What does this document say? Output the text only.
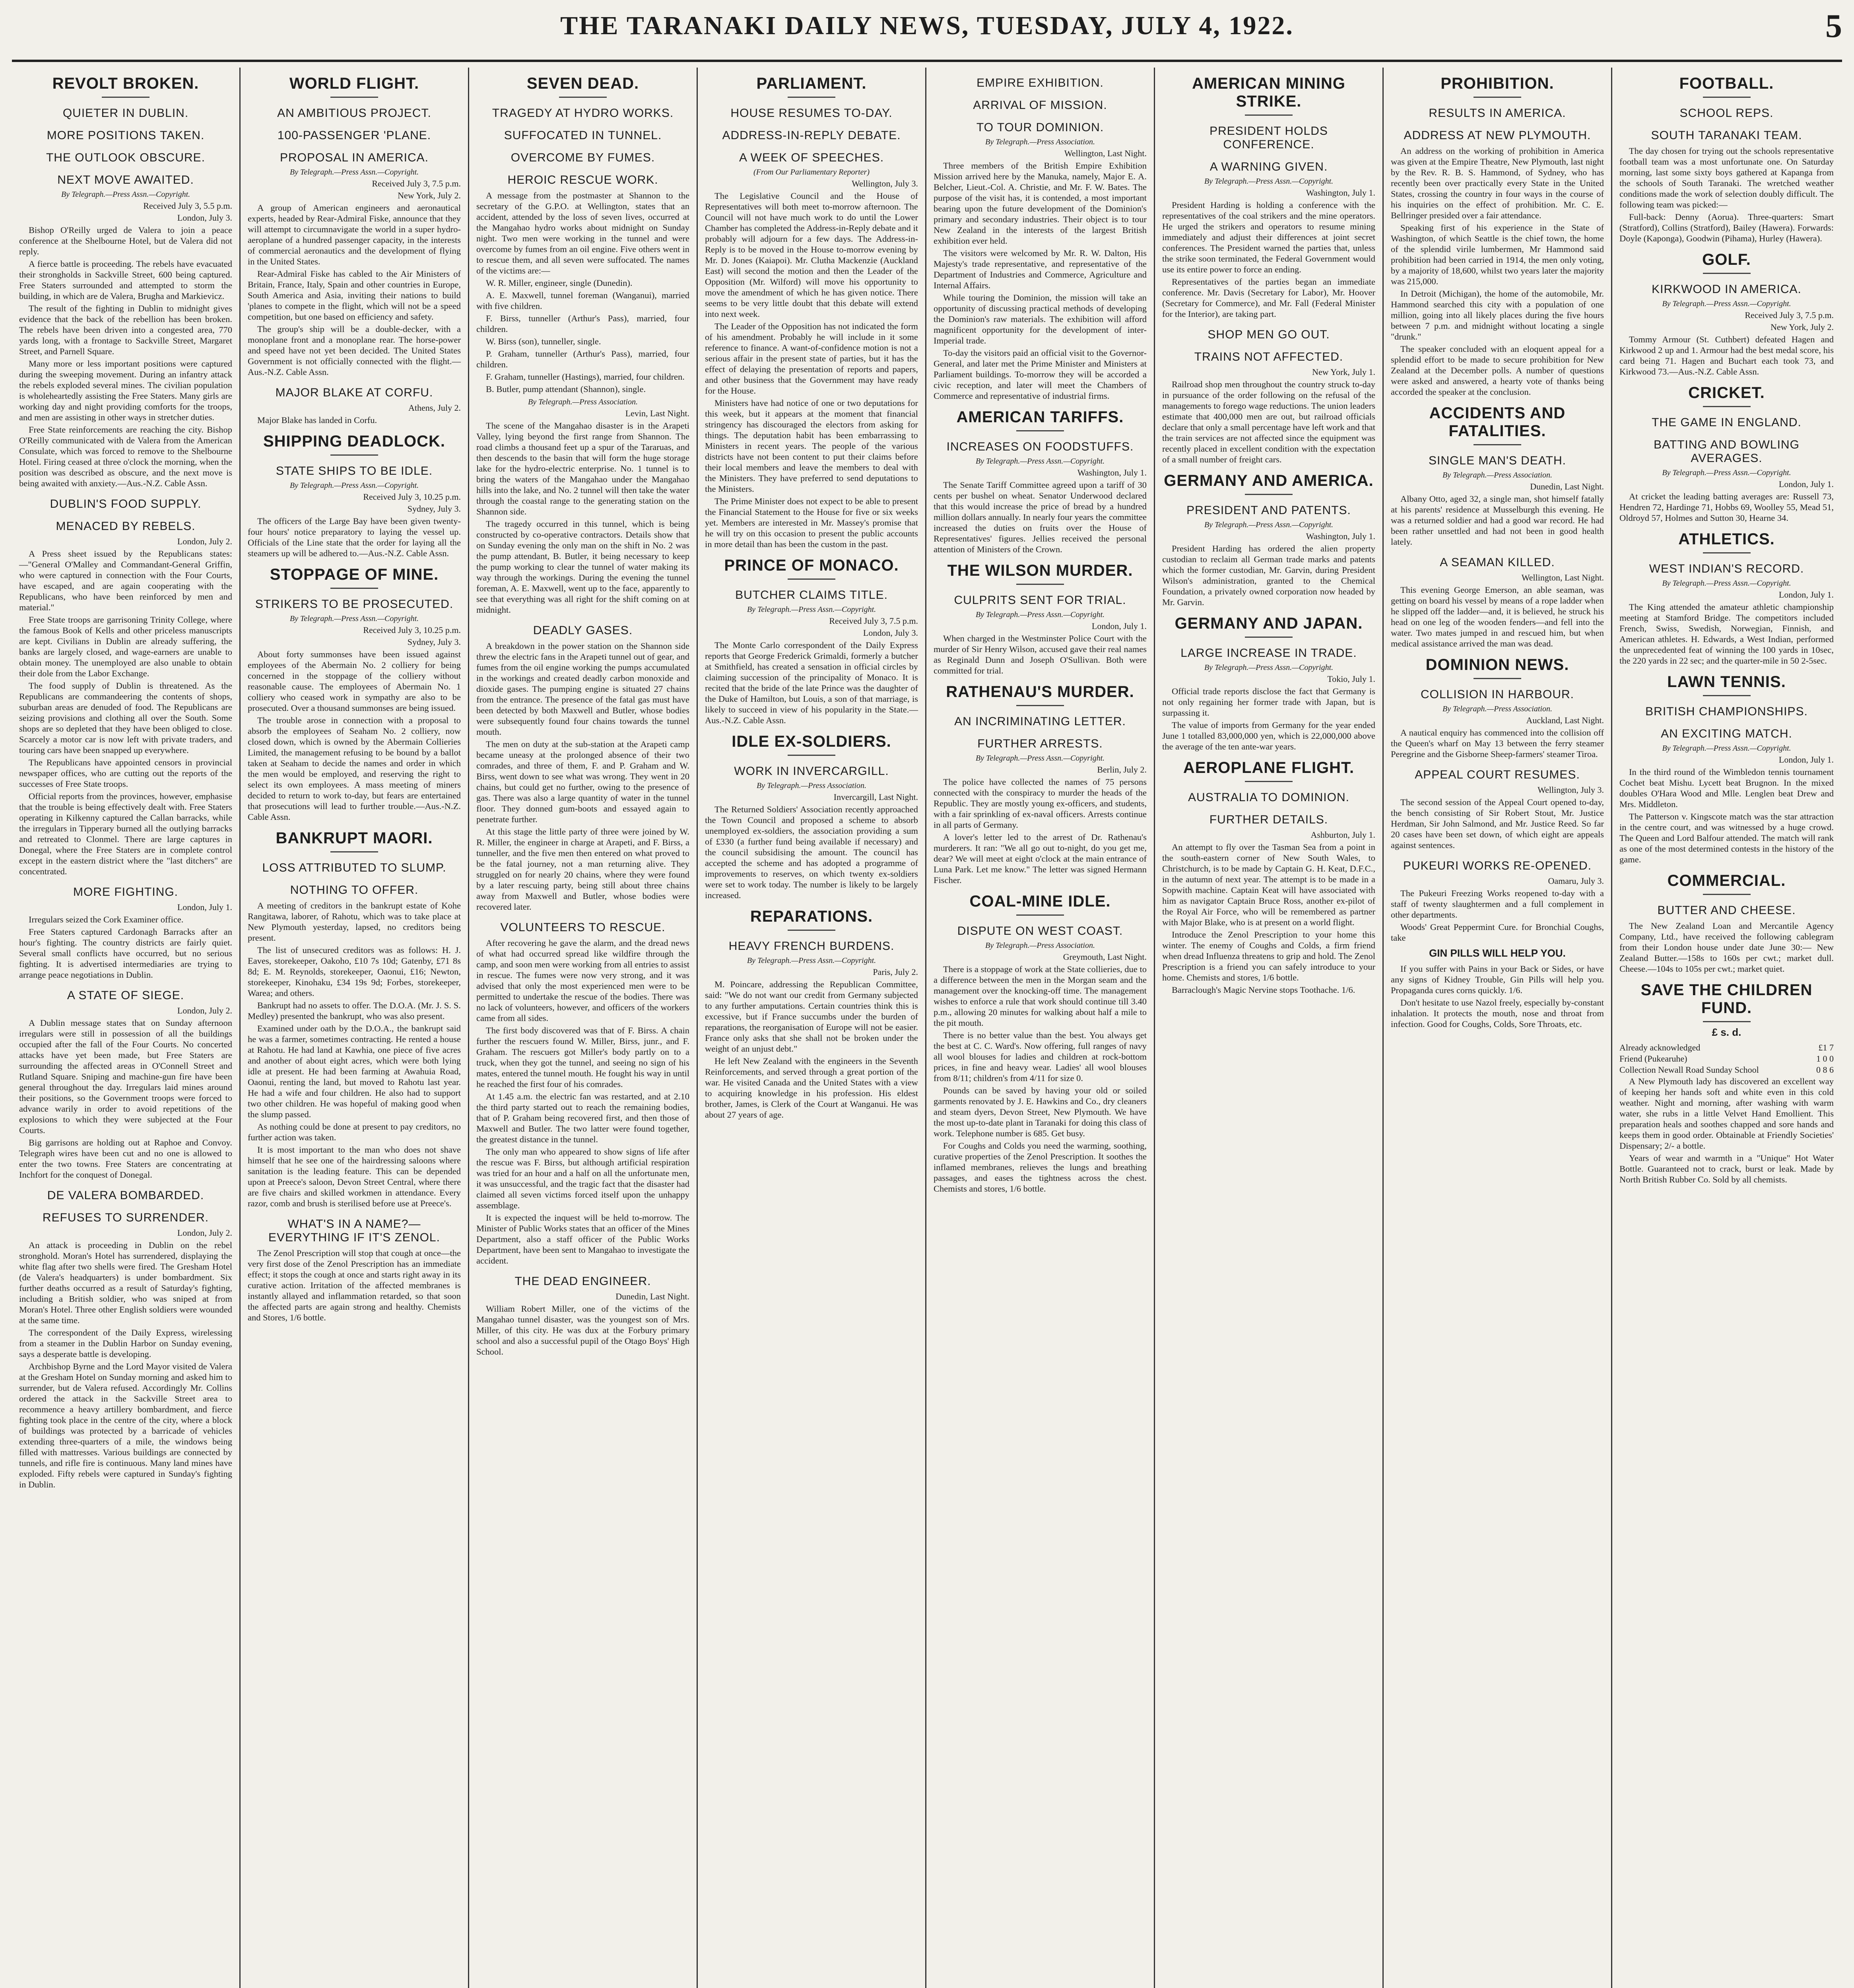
THE TARANAKI DAILY NEWS, TUESDAY, JULY 4, 1922.	5
REVOLT BROKEN.
QUIETER IN DUBLIN.
MORE POSITIONS TAKEN.
THE OUTLOOK OBSCURE.
NEXT MOVE AWAITED.
By Telegraph.—Press Assn.—Copyright.
Received July 3, 5.5 p.m.
London, July 3.
Bishop O'Reilly urged de Valera to join a peace conference at the Shelbourne Hotel, but de Valera did not reply.
A fierce battle is proceeding. The rebels have evacuated their strongholds in Sackville Street, 600 being captured. Free Staters surrounded and attempted to storm the building, in which are de Valera, Brugha and Markievicz.
The result of the fighting in Dublin to midnight gives evidence that the back of the rebellion has been broken. The rebels have been driven into a congested area, 770 yards long, with a frontage to Sackville Street, Margaret Street, and Parnell Square.
Many more or less important positions were captured during the sweeping movement. During an infantry attack the rebels exploded several mines. The civilian population is wholeheartedly assisting the Free Staters. Many girls are working day and night providing comforts for the troops, and men are assisting in other ways in stretcher duties.
Free State reinforcements are reaching the city. Bishop O'Reilly communicated with de Valera from the American Consulate, which was forced to remove to the Shelbourne Hotel. Firing ceased at three o'clock the morning, when the position was described as obscure, and the next move is being awaited with anxiety.—Aus.-N.Z. Cable Assn.
DUBLIN'S FOOD SUPPLY.
MENACED BY REBELS.
London, July 2.
A Press sheet issued by the Republicans states:—"General O'Malley and Commandant-General Griffin, who were captured in connection with the Four Courts, have escaped, and are again cooperating with the Republicans, who have been reinforced by men and material."
Free State troops are garrisoning Trinity College, where the famous Book of Kells and other priceless manuscripts are kept. Civilians in Dublin are already suffering, the banks are largely closed, and wage-earners are unable to obtain money. The unemployed are also unable to obtain their dole from the Labor Exchange.
The food supply of Dublin is threatened. As the Republicans are commandeering the contents of shops, suburban areas are denuded of food. The Republicans are seizing provisions and clothing all over the South. Some shops are so depleted that they have been obliged to close. Scarcely a motor car is now left with private traders, and touring cars have been snapped up everywhere.
The Republicans have appointed censors in provincial newspaper offices, who are cutting out the reports of the successes of Free State troops.
Official reports from the provinces, however, emphasise that the trouble is being effectively dealt with. Free Staters operating in Kilkenny captured the Callan barracks, while the irregulars in Tipperary burned all the outlying barracks and retreated to Clonmel. There are large captures in Donegal, where the Free Staters are in complete control except in the eastern district where the "last ditchers" are concentrated.
MORE FIGHTING.
London, July 1.
Irregulars seized the Cork Examiner office.
Free Staters captured Cardonagh Barracks after an hour's fighting. The country districts are fairly quiet. Several small conflicts have occurred, but no serious fighting. It is advertised intermediaries are trying to arrange peace negotiations in Dublin.
A STATE OF SIEGE.
London, July 2.
A Dublin message states that on Sunday afternoon irregulars were still in possession of all the buildings occupied after the fall of the Four Courts. No concerted attacks have yet been made, but Free Staters are surrounding the affected areas in O'Connell Street and Rutland Square. Sniping and machine-gun fire have been general throughout the day. Irregulars laid mines around their positions, so the Government troops were forced to advance warily in order to avoid repetitions of the explosions to which they were subjected at the Four Courts.
Big garrisons are holding out at Raphoe and Convoy. Telegraph wires have been cut and no one is allowed to enter the two towns. Free Staters are concentrating at Inchfort for the conquest of Donegal.
DE VALERA BOMBARDED.
REFUSES TO SURRENDER.
London, July 2.
An attack is proceeding in Dublin on the rebel stronghold. Moran's Hotel has surrendered, displaying the white flag after two shells were fired. The Gresham Hotel (de Valera's headquarters) is under bombardment. Six further deaths occurred as a result of Saturday's fighting, including a British soldier, who was sniped at from Moran's Hotel. Three other English soldiers were wounded at the same time.
The correspondent of the Daily Express, wirelessing from a steamer in the Dublin Harbor on Sunday evening, says a desperate battle is developing.
Archbishop Byrne and the Lord Mayor visited de Valera at the Gresham Hotel on Sunday morning and asked him to surrender, but de Valera refused. Accordingly Mr. Collins ordered the attack in the Sackville Street area to recommence a heavy artillery bombardment, and fierce fighting took place in the centre of the city, where a block of buildings was protected by a barricade of vehicles extending three-quarters of a mile, the windows being filled with mattresses. Various buildings are connected by tunnels, and rifle fire is continuous. Many land mines have exploded. Fifty rebels were captured in Sunday's fighting in Dublin.
WORLD FLIGHT.
AN AMBITIOUS PROJECT.
100-PASSENGER 'PLANE.
PROPOSAL IN AMERICA.
By Telegraph.—Press Assn.—Copyright.
Received July 3, 7.5 p.m.
New York, July 2.
A group of American engineers and aeronautical experts, headed by Rear-Admiral Fiske, announce that they will attempt to circumnavigate the world in a super hydro-aeroplane of a hundred passenger capacity, in the interests of commercial aeronautics and the development of flying in the United States.
Rear-Admiral Fiske has cabled to the Air Ministers of Britain, France, Italy, Spain and other countries in Europe, South America and Asia, inviting their nations to build 'planes to compete in the flight, which will not be a speed competition, but one based on efficiency and safety.
The group's ship will be a double-decker, with a monoplane front and a monoplane rear. The horse-power and speed have not yet been decided. The United States Government is not officially connected with the flight.—Aus.-N.Z. Cable Assn.
MAJOR BLAKE AT CORFU.
Athens, July 2.
Major Blake has landed in Corfu.
SHIPPING DEADLOCK.
STATE SHIPS TO BE IDLE.
By Telegraph.—Press Assn.—Copyright.
Received July 3, 10.25 p.m.
Sydney, July 3.
The officers of the Large Bay have been given twenty-four hours' notice preparatory to laying the vessel up. Officials of the Line state that the order for laying all the steamers up will be adhered to.—Aus.-N.Z. Cable Assn.
STOPPAGE OF MINE.
STRIKERS TO BE PROSECUTED.
By Telegraph.—Press Assn.—Copyright.
Received July 3, 10.25 p.m.
Sydney, July 3.
About forty summonses have been issued against employees of the Abermain No. 2 colliery for being concerned in the stoppage of the colliery without reasonable cause. The employees of Abermain No. 1 colliery who ceased work in sympathy are also to be prosecuted. Over a thousand summonses are being issued.
The trouble arose in connection with a proposal to absorb the employees of Seaham No. 2 colliery, now closed down, which is owned by the Abermain Collieries Limited, the management refusing to be bound by a ballot taken at Seaham to decide the names and order in which the men would be employed, and reserving the right to select its own employees. A mass meeting of miners decided to return to work to-day, but fears are entertained that prosecutions will lead to further trouble.—Aus.-N.Z. Cable Assn.
BANKRUPT MAORI.
LOSS ATTRIBUTED TO SLUMP.
NOTHING TO OFFER.
A meeting of creditors in the bankrupt estate of Kohe Rangitawa, laborer, of Rahotu, which was to take place at New Plymouth yesterday, lapsed, no creditors being present.
The list of unsecured creditors was as follows: H. J. Eaves, storekeeper, Oakoho, £10 7s 10d; Gatenby, £71 8s 8d; E. M. Reynolds, storekeeper, Oaonui, £16; Newton, storekeeper, Kinohaku, £34 19s 9d; Forbes, storekeeper, Warea; and others.
Bankrupt had no assets to offer. The D.O.A. (Mr. J. S. S. Medley) presented the bankrupt, who was also present.
Examined under oath by the D.O.A., the bankrupt said he was a farmer, sometimes contracting. He rented a house at Rahotu. He had land at Kawhia, one piece of five acres and another of about eight acres, which were both lying idle at present. He had been farming at Awahuia Road, Oaonui, renting the land, but moved to Rahotu last year. He had a wife and four children. He also had to support two other children. He was hopeful of making good when the slump passed.
As nothing could be done at present to pay creditors, no further action was taken.
It is most important to the man who does not shave himself that he see one of the hairdressing saloons where sanitation is the leading feature. This can be depended upon at Preece's saloon, Devon Street Central, where there are five chairs and skilled workmen in attendance. Every razor, comb and brush is sterilised before use at Preece's.
WHAT'S IN A NAME?—EVERYTHING IF IT'S ZENOL.
The Zenol Prescription will stop that cough at once—the very first dose of the Zenol Prescription has an immediate effect; it stops the cough at once and starts right away in its curative action. Irritation of the affected membranes is instantly allayed and inflammation retarded, so that soon the affected parts are again strong and healthy. Chemists and Stores, 1/6 bottle.
SEVEN DEAD.
TRAGEDY AT HYDRO WORKS.
SUFFOCATED IN TUNNEL.
OVERCOME BY FUMES.
HEROIC RESCUE WORK.
A message from the postmaster at Shannon to the secretary of the G.P.O. at Wellington, states that an accident, attended by the loss of seven lives, occurred at the Mangahao hydro works about midnight on Sunday night. Two men were working in the tunnel and were overcome by fumes from an oil engine. Five others went in to rescue them, and all seven were suffocated. The names of the victims are:—
W. R. Miller, engineer, single (Dunedin).
A. E. Maxwell, tunnel foreman (Wanganui), married with five children.
F. Birss, tunneller (Arthur's Pass), married, four children.
W. Birss (son), tunneller, single.
P. Graham, tunneller (Arthur's Pass), married, four children.
F. Graham, tunneller (Hastings), married, four children.
B. Butler, pump attendant (Shannon), single.
By Telegraph.—Press Association.
Levin, Last Night.
The scene of the Mangahao disaster is in the Arapeti Valley, lying beyond the first range from Shannon. The road climbs a thousand feet up a spur of the Tararuas, and then descends to the basin that will form the huge storage lake for the hydro-electric enterprise. No. 1 tunnel is to bring the waters of the Mangahao under the Mangahao hills into the lake, and No. 2 tunnel will then take the water through the coastal range to the generating station on the Shannon side.
The tragedy occurred in this tunnel, which is being constructed by co-operative contractors. Details show that on Sunday evening the only man on the shift in No. 2 was the pump attendant, B. Butler, it being necessary to keep the pump working to clear the tunnel of water making its way through the workings. During the evening the tunnel foreman, A. E. Maxwell, went up to the face, apparently to see that everything was all right for the shift coming on at midnight.
DEADLY GASES.
A breakdown in the power station on the Shannon side threw the electric fans in the Arapeti tunnel out of gear, and fumes from the oil engine working the pumps accumulated in the workings and created deadly carbon monoxide and dioxide gases. The pumping engine is situated 27 chains from the entrance. The presence of the fatal gas must have been detected by both Maxwell and Butler, whose bodies were subsequently found four chains towards the tunnel mouth.
The men on duty at the sub-station at the Arapeti camp became uneasy at the prolonged absence of their two comrades, and three of them, F. and P. Graham and W. Birss, went down to see what was wrong. They went in 20 chains, but could get no further, owing to the presence of gas. There was also a large quantity of water in the tunnel floor. They donned gum-boots and essayed again to penetrate further.
At this stage the little party of three were joined by W. R. Miller, the engineer in charge at Arapeti, and F. Birss, a tunneller, and the five men then entered on what proved to be the fatal journey, not a man returning alive. They struggled on for nearly 20 chains, where they were found by a later rescuing party, being still about three chains away from Maxwell and Butler, whose bodies were recovered later.
VOLUNTEERS TO RESCUE.
After recovering he gave the alarm, and the dread news of what had occurred spread like wildfire through the camp, and soon men were working from all entries to assist in rescue. The fumes were now very strong, and it was advised that only the most experienced men were to be permitted to undertake the rescue of the bodies. There was no lack of volunteers, however, and officers of the workers came from all sides.
The first body discovered was that of F. Birss. A chain further the rescuers found W. Miller, Birss, junr., and F. Graham. The rescuers got Miller's body partly on to a truck, when they got the tunnel, and seeing no sign of his mates, entered the tunnel mouth. He fought his way in until he reached the first four of his comrades.
At 1.45 a.m. the electric fan was restarted, and at 2.10 the third party started out to reach the remaining bodies, that of P. Graham being recovered first, and then those of Maxwell and Butler. The two latter were found together, the greatest distance in the tunnel.
The only man who appeared to show signs of life after the rescue was F. Birss, but although artificial respiration was tried for an hour and a half on all the unfortunate men, it was unsuccessful, and the tragic fact that the disaster had claimed all seven victims forced itself upon the unhappy assemblage.
It is expected the inquest will be held to-morrow. The Minister of Public Works states that an officer of the Mines Department, also a staff officer of the Public Works Department, have been sent to Mangahao to investigate the accident.
THE DEAD ENGINEER.
Dunedin, Last Night.
William Robert Miller, one of the victims of the Mangahao tunnel disaster, was the youngest son of Mrs. Miller, of this city. He was dux at the Forbury primary school and also a successful pupil of the Otago Boys' High School.
PARLIAMENT.
HOUSE RESUMES TO-DAY.
ADDRESS-IN-REPLY DEBATE.
A WEEK OF SPEECHES.
(From Our Parliamentary Reporter)
Wellington, July 3.
The Legislative Council and the House of Representatives will both meet to-morrow afternoon. The Council will not have much work to do until the Lower Chamber has completed the Address-in-Reply debate and it probably will adjourn for a few days. The Address-in-Reply is to be moved in the House to-morrow evening by Mr. D. Jones (Kaiapoi). Mr. Clutha Mackenzie (Auckland East) will second the motion and then the Leader of the Opposition (Mr. Wilford) will move his opportunity to move the amendment of which he has given notice. There seems to be very little doubt that this debate will extend into next week.
The Leader of the Opposition has not indicated the form of his amendment. Probably he will include in it some reference to finance. A want-of-confidence motion is not a serious affair in the present state of parties, but it has the effect of delaying the presentation of reports and papers, and other business that the Government may have ready for the House.
Ministers have had notice of one or two deputations for this week, but it appears at the moment that financial stringency has discouraged the electors from asking for things. The deputation habit has been embarrassing to Ministers in recent years. The people of the various districts have not been content to put their claims before their local members and leave the members to deal with the Ministers. They have preferred to send deputations to the Ministers.
The Prime Minister does not expect to be able to present the Financial Statement to the House for five or six weeks yet. Members are interested in Mr. Massey's promise that he will try on this occasion to present the public accounts in more detail than has been the custom in the past.
PRINCE OF MONACO.
BUTCHER CLAIMS TITLE.
By Telegraph.—Press Assn.—Copyright.
Received July 3, 7.5 p.m.
London, July 3.
The Monte Carlo correspondent of the Daily Express reports that George Frederick Grimaldi, formerly a butcher at Smithfield, has created a sensation in official circles by claiming succession of the principality of Monaco. It is recited that the bride of the late Prince was the daughter of the Duke of Hamilton, but Louis, a son of that marriage, is likely to succeed in view of his popularity in the State.—Aus.-N.Z. Cable Assn.
IDLE EX-SOLDIERS.
WORK IN INVERCARGILL.
By Telegraph.—Press Association.
Invercargill, Last Night.
The Returned Soldiers' Association recently approached the Town Council and proposed a scheme to absorb unemployed ex-soldiers, the association providing a sum of £330 (a further fund being available if necessary) and the council subsidising the amount. The council has accepted the scheme and has adopted a programme of improvements to reserves, on which twenty ex-soldiers were set to work today. The number is likely to be largely increased.
REPARATIONS.
HEAVY FRENCH BURDENS.
By Telegraph.—Press Assn.—Copyright.
Paris, July 2.
M. Poincare, addressing the Republican Committee, said: "We do not want our credit from Germany subjected to any further amputations. Certain countries think this is excessive, but if France succumbs under the burden of reparations, the reorganisation of Europe will not be easier. France only asks that she shall not be broken under the weight of an unjust debt."
He left New Zealand with the engineers in the Seventh Reinforcements, and served through a great portion of the war. He visited Canada and the United States with a view to acquiring knowledge in his profession. His eldest brother, James, is Clerk of the Court at Wanganui. He was about 27 years of age.
EMPIRE EXHIBITION.
ARRIVAL OF MISSION.
TO TOUR DOMINION.
By Telegraph.—Press Association.
Wellington, Last Night.
Three members of the British Empire Exhibition Mission arrived here by the Manuka, namely, Major E. A. Belcher, Lieut.-Col. A. Christie, and Mr. F. W. Bates. The purpose of the visit has, it is contended, a most important bearing upon the future development of the Dominion's primary and secondary industries. Their object is to tour New Zealand in the interests of the largest British exhibition ever held.
The visitors were welcomed by Mr. R. W. Dalton, His Majesty's trade representative, and representative of the Department of Industries and Commerce, Agriculture and Internal Affairs.
While touring the Dominion, the mission will take an opportunity of discussing practical methods of developing the Dominion's raw materials. The exhibition will afford magnificent opportunity for the development of inter-Imperial trade.
To-day the visitors paid an official visit to the Governor-General, and later met the Prime Minister and Ministers at Parliament buildings. To-morrow they will be accorded a civic reception, and later will meet the Chambers of Commerce and representative of industrial firms.
AMERICAN TARIFFS.
INCREASES ON FOODSTUFFS.
By Telegraph.—Press Assn.—Copyright.
Washington, July 1.
The Senate Tariff Committee agreed upon a tariff of 30 cents per bushel on wheat. Senator Underwood declared that this would increase the price of bread by a hundred million dollars annually. In nearly four years the committee increased the duties on fruits over the House of Representatives' figures. Jellies received the personal attention of Ministers of the Crown.
THE WILSON MURDER.
CULPRITS SENT FOR TRIAL.
By Telegraph.—Press Assn.—Copyright.
London, July 1.
When charged in the Westminster Police Court with the murder of Sir Henry Wilson, accused gave their real names as Reginald Dunn and Joseph O'Sullivan. Both were committed for trial.
RATHENAU'S MURDER.
AN INCRIMINATING LETTER.
FURTHER ARRESTS.
By Telegraph.—Press Assn.—Copyright.
Berlin, July 2.
The police have collected the names of 75 persons connected with the conspiracy to murder the heads of the Republic. They are mostly young ex-officers, and students, with a fair sprinkling of ex-naval officers. Arrests continue in all parts of Germany.
A lover's letter led to the arrest of Dr. Rathenau's murderers. It ran: "We all go out to-night, do you get me, dear? We will meet at eight o'clock at the main entrance of Luna Park. Let me know." The letter was signed Hermann Fischer.
COAL-MINE IDLE.
DISPUTE ON WEST COAST.
By Telegraph.—Press Association.
Greymouth, Last Night.
There is a stoppage of work at the State collieries, due to a difference between the men in the Morgan seam and the management over the knocking-off time. The management wishes to enforce a rule that work should continue till 3.40 p.m., allowing 20 minutes for walking about half a mile to the pit mouth.
There is no better value than the best. You always get the best at C. C. Ward's. Now offering, full ranges of navy all wool blouses for ladies and children at rock-bottom prices, in fine and heavy wear. Ladies' all wool blouses from 8/11; children's from 4/11 for size 0.
Pounds can be saved by having your old or soiled garments renovated by J. E. Hawkins and Co., dry cleaners and steam dyers, Devon Street, New Plymouth. We have the most up-to-date plant in Taranaki for doing this class of work. Telephone number is 685. Get busy.
For Coughs and Colds you need the warming, soothing, curative properties of the Zenol Prescription. It soothes the inflamed membranes, relieves the lungs and breathing passages, and eases the tightness across the chest. Chemists and stores, 1/6 bottle.
AMERICAN MINING STRIKE.
PRESIDENT HOLDS CONFERENCE.
A WARNING GIVEN.
By Telegraph.—Press Assn.—Copyright.
Washington, July 1.
President Harding is holding a conference with the representatives of the coal strikers and the mine operators. He urged the strikers and operators to resume mining immediately and adjust their differences at joint secret conferences. The President warned the parties that, unless the strike soon terminated, the Federal Government would use its entire power to force an ending.
Representatives of the parties began an immediate conference. Mr. Davis (Secretary for Labor), Mr. Hoover (Secretary for Commerce), and Mr. Fall (Federal Minister for the Interior), are taking part.
SHOP MEN GO OUT.
TRAINS NOT AFFECTED.
New York, July 1.
Railroad shop men throughout the country struck to-day in pursuance of the order following on the refusal of the managements to forego wage reductions. The union leaders estimate that 400,000 men are out, but railroad officials declare that only a small percentage have left work and that the train services are not affected since the equipment was recently placed in excellent condition with the expectation of a small number of freight cars.
GERMANY AND AMERICA.
PRESIDENT AND PATENTS.
By Telegraph.—Press Assn.—Copyright.
Washington, July 1.
President Harding has ordered the alien property custodian to reclaim all German trade marks and patents which the former custodian, Mr. Garvin, during President Wilson's administration, granted to the Chemical Foundation, a privately owned corporation now headed by Mr. Garvin.
GERMANY AND JAPAN.
LARGE INCREASE IN TRADE.
By Telegraph.—Press Assn.—Copyright.
Tokio, July 1.
Official trade reports disclose the fact that Germany is not only regaining her former trade with Japan, but is surpassing it.
The value of imports from Germany for the year ended June 1 totalled 83,000,000 yen, which is 22,000,000 above the average of the ten ante-war years.
AEROPLANE FLIGHT.
AUSTRALIA TO DOMINION.
FURTHER DETAILS.
Ashburton, July 1.
An attempt to fly over the Tasman Sea from a point in the south-eastern corner of New South Wales, to Christchurch, is to be made by Captain G. H. Keat, D.F.C., in the autumn of next year. The attempt is to be made in a Sopwith machine. Captain Keat will have associated with him as navigator Captain Bruce Ross, another ex-pilot of the Royal Air Force, who will be remembered as partner with Major Blake, who is at present on a world flight.
Introduce the Zenol Prescription to your home this winter. The enemy of Coughs and Colds, a firm friend when dread Influenza threatens to grip and hold. The Zenol Prescription is a friend you can safely introduce to your home. Chemists and stores, 1/6 bottle.
Barraclough's Magic Nervine stops Toothache. 1/6.
PROHIBITION.
RESULTS IN AMERICA.
ADDRESS AT NEW PLYMOUTH.
An address on the working of prohibition in America was given at the Empire Theatre, New Plymouth, last night by the Rev. R. B. S. Hammond, of Sydney, who has recently been over practically every State in the United States, crossing the country in four ways in the course of his inquiries on the effect of prohibition. Mr. C. E. Bellringer presided over a fair attendance.
Speaking first of his experience in the State of Washington, of which Seattle is the chief town, the home of the splendid virile lumbermen, Mr Hammond said prohibition had been carried in 1914, the men only voting, by a majority of 18,600, whilst two years later the majority was 215,000.
In Detroit (Michigan), the home of the automobile, Mr. Hammond searched this city with a population of one million, going into all likely places during the five hours between 7 p.m. and midnight without locating a single "drunk."
The speaker concluded with an eloquent appeal for a splendid effort to be made to secure prohibition for New Zealand at the December polls. A number of questions were asked and answered, a hearty vote of thanks being accorded the speaker at the conclusion.
ACCIDENTS AND FATALITIES.
SINGLE MAN'S DEATH.
By Telegraph.—Press Association.
Dunedin, Last Night.
Albany Otto, aged 32, a single man, shot himself fatally at his parents' residence at Musselburgh this evening. He was a returned soldier and had a good war record. He had been rather unsettled and had not been in good health lately.
A SEAMAN KILLED.
Wellington, Last Night.
This evening George Emerson, an able seaman, was getting on board his vessel by means of a rope ladder when he slipped off the ladder—and, it is believed, he struck his head on one leg of the wooden fenders—and fell into the water. Two mates jumped in and rescued him, but when medical assistance arrived the man was dead.
DOMINION NEWS.
COLLISION IN HARBOUR.
By Telegraph.—Press Association.
Auckland, Last Night.
A nautical enquiry has commenced into the collision off the Queen's wharf on May 13 between the ferry steamer Peregrine and the Gisborne Sheep-farmers' steamer Tiroa.
APPEAL COURT RESUMES.
Wellington, July 3.
The second session of the Appeal Court opened to-day, the bench consisting of Sir Robert Stout, Mr. Justice Herdman, Sir John Salmond, and Mr. Justice Reed. So far 20 cases have been set down, of which eight are appeals against sentences.
PUKEURI WORKS RE-OPENED.
Oamaru, July 3.
The Pukeuri Freezing Works reopened to-day with a staff of twenty slaughtermen and a full complement in other departments.
Woods' Great Peppermint Cure. for Bronchial Coughs, take
GIN PILLS WILL HELP YOU.
If you suffer with Pains in your Back or Sides, or have any signs of Kidney Trouble, Gin Pills will help you. Propaganda cures corns quickly. 1/6.
Don't hesitate to use Nazol freely, especially by-constant inhalation. It protects the mouth, nose and throat from infection. Good for Coughs, Colds, Sore Throats, etc.
FOOTBALL.
SCHOOL REPS.
SOUTH TARANAKI TEAM.
The day chosen for trying out the schools representative football team was a most unfortunate one. On Saturday morning, last some sixty boys gathered at Kapanga from the schools of South Taranaki. The wretched weather conditions made the work of selection doubly difficult. The following team was picked:—
Full-back: Denny (Aorua). Three-quarters: Smart (Stratford), Collins (Stratford), Bailey (Hawera). Forwards: Doyle (Kaponga), Goodwin (Pihama), Hurley (Hawera).
GOLF.
KIRKWOOD IN AMERICA.
By Telegraph.—Press Assn.—Copyright.
Received July 3, 7.5 p.m.
New York, July 2.
Tommy Armour (St. Cuthbert) defeated Hagen and Kirkwood 2 up and 1. Armour had the best medal score, his card being 71. Hagen and Buchart each took 73, and Kirkwood 73.—Aus.-N.Z. Cable Assn.
CRICKET.
THE GAME IN ENGLAND.
BATTING AND BOWLING AVERAGES.
By Telegraph.—Press Assn.—Copyright.
London, July 1.
At cricket the leading batting averages are: Russell 73, Hendren 72, Hardinge 71, Hobbs 69, Woolley 55, Mead 51, Oldroyd 57, Holmes and Sutton 30, Hearne 34.
ATHLETICS.
WEST INDIAN'S RECORD.
By Telegraph.—Press Assn.—Copyright.
London, July 1.
The King attended the amateur athletic championship meeting at Stamford Bridge. The competitors included French, Swiss, Swedish, Norwegian, Finnish, and American athletes. H. Edwards, a West Indian, performed the unprecedented feat of winning the 100 yards in 10sec, the 220 yards in 22 sec; and the quarter-mile in 50 2-5sec.
LAWN TENNIS.
BRITISH CHAMPIONSHIPS.
AN EXCITING MATCH.
By Telegraph.—Press Assn.—Copyright.
London, July 1.
In the third round of the Wimbledon tennis tournament Cochet beat Mishu. Lycett beat Brugnon. In the mixed doubles O'Hara Wood and Mlle. Lenglen beat Drew and Mrs. Middleton.
The Patterson v. Kingscote match was the star attraction in the centre court, and was witnessed by a huge crowd. The Queen and Lord Balfour attended. The match will rank as one of the most determined contests in the history of the game.
COMMERCIAL.
BUTTER AND CHEESE.
The New Zealand Loan and Mercantile Agency Company, Ltd., have received the following cablegram from their London house under date June 30:— New Zealand Butter.—158s to 160s per cwt.; market dull. Cheese.—104s to 105s per cwt.; market quiet.
SAVE THE CHILDREN FUND.
£ s. d.
Already acknowledged	£1 7
Friend (Pukearuhe)	1 0 0
Collection Newall Road Sunday School	0 8 6
A New Plymouth lady has discovered an excellent way of keeping her hands soft and white even in this cold weather. Night and morning, after washing with warm water, she rubs in a little Velvet Hand Emollient. This preparation heals and soothes chapped and sore hands and keeps them in good order. Obtainable at Friendly Societies' Dispensary; 2/- a bottle.
Years of wear and warmth in a "Unique" Hot Water Bottle. Guaranteed not to crack, burst or leak. Made by North British Rubber Co. Sold by all chemists.
